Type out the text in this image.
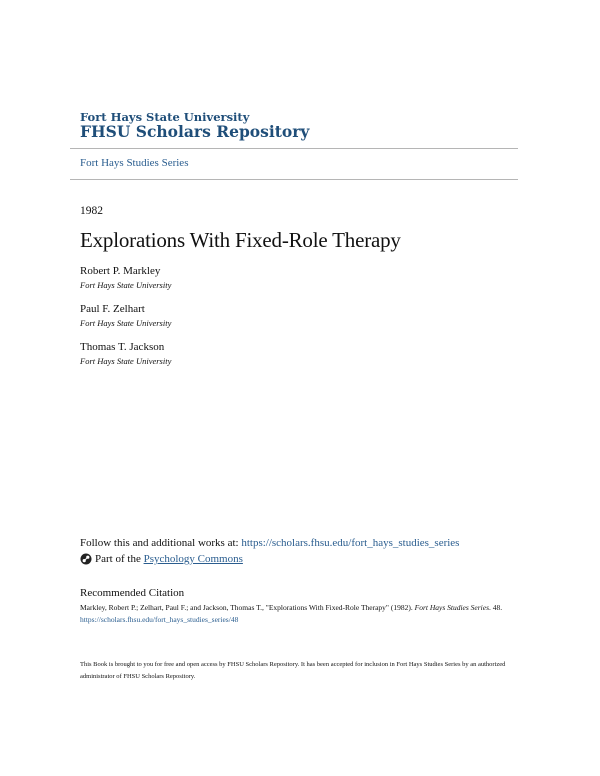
Fort Hays State University
FHSU Scholars Repository
Fort Hays Studies Series
1982
Explorations With Fixed-Role Therapy
Robert P. Markley
Fort Hays State University
Paul F. Zelhart
Fort Hays State University
Thomas T. Jackson
Fort Hays State University
Follow this and additional works at: https://scholars.fhsu.edu/fort_hays_studies_series
Part of the
Psychology Commons
Recommended Citation
Markley, Robert P.; Zelhart, Paul F.; and Jackson, Thomas T., "Explorations With Fixed-Role Therapy" (1982). Fort Hays Studies Series. 48.
https://scholars.fhsu.edu/fort_hays_studies_series/48
This Book is brought to you for free and open access by FHSU Scholars Repository. It has been accepted for inclusion in Fort Hays Studies Series by an authorized administrator of FHSU Scholars Repository.
